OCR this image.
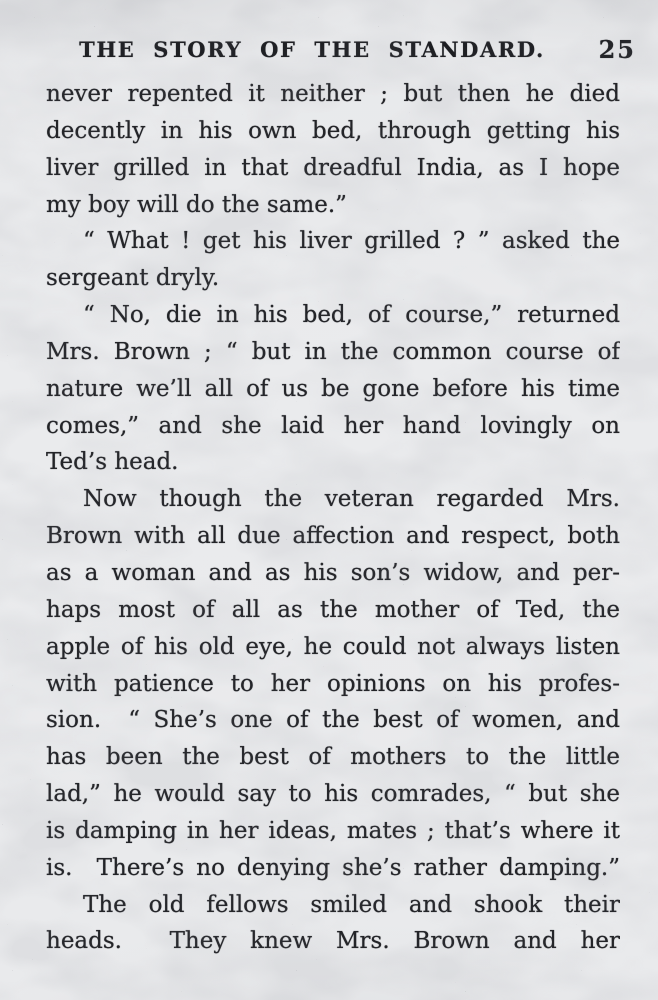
THE STORY OF THE STANDARD.	25
never repented it neither ; but then he died
decently in his own bed, through getting his
liver grilled in that dreadful India, as I hope
my boy will do the same.”
“ What ! get his liver grilled ? ” asked the
sergeant dryly.
“ No, die in his bed, of course,” returned
Mrs. Brown ; “ but in the common course of
nature we’ll all of us be gone before his time
comes,” and she laid her hand lovingly on
Ted’s head.
Now though the veteran regarded Mrs.
Brown with all due affection and respect, both
as a woman and as his son’s widow, and per-
haps most of all as the mother of Ted, the
apple of his old eye, he could not always listen
with patience to her opinions on his profes-
sion.  “ She’s one of the best of women, and
has been the best of mothers to the little
lad,” he would say to his comrades, “ but she
is damping in her ideas, mates ; that’s where it
is.  There’s no denying she’s rather damping.”
The old fellows smiled and shook their
heads.  They knew Mrs. Brown and her
